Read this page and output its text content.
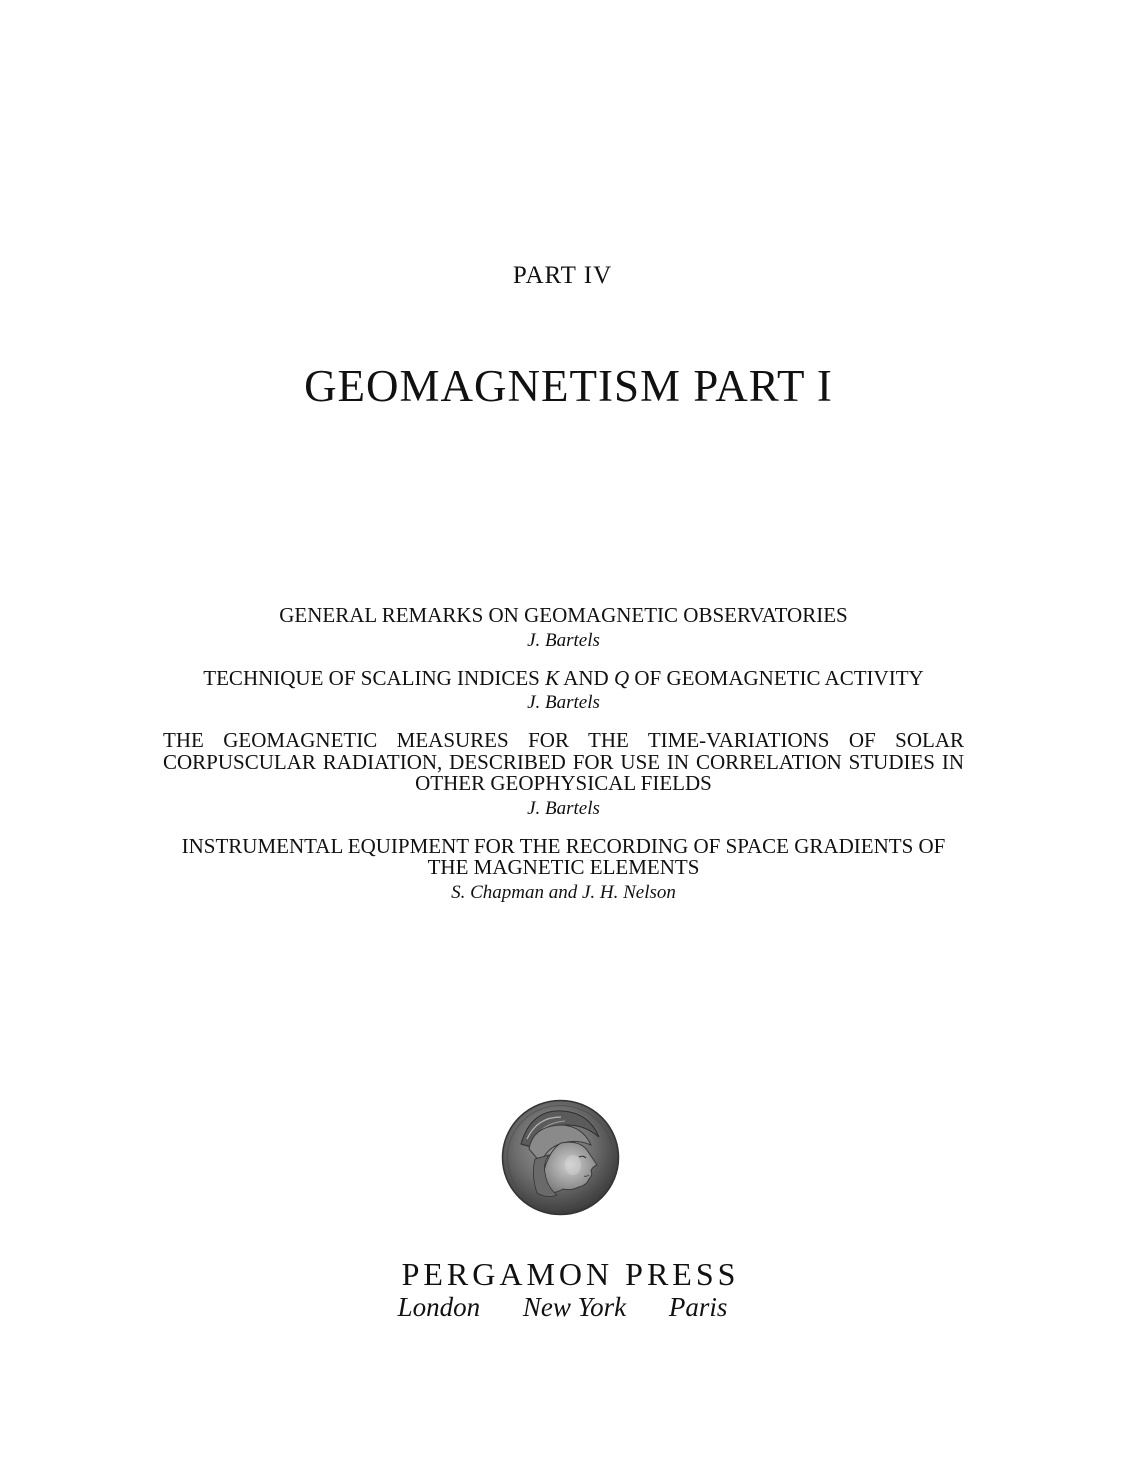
PART IV
GEOMAGNETISM PART I
GENERAL REMARKS ON GEOMAGNETIC OBSERVATORIES
J. Bartels
TECHNIQUE OF SCALING INDICES K AND Q OF GEOMAGNETIC ACTIVITY
J. Bartels
THE GEOMAGNETIC MEASURES FOR THE TIME-VARIATIONS OF SOLAR CORPUSCULAR RADIATION, DESCRIBED FOR USE IN CORRELATION STUDIES IN OTHER GEOPHYSICAL FIELDS
J. Bartels
INSTRUMENTAL EQUIPMENT FOR THE RECORDING OF SPACE GRADIENTS OF THE MAGNETIC ELEMENTS
S. Chapman and J. H. Nelson
PERGAMON PRESS
London New York Paris
